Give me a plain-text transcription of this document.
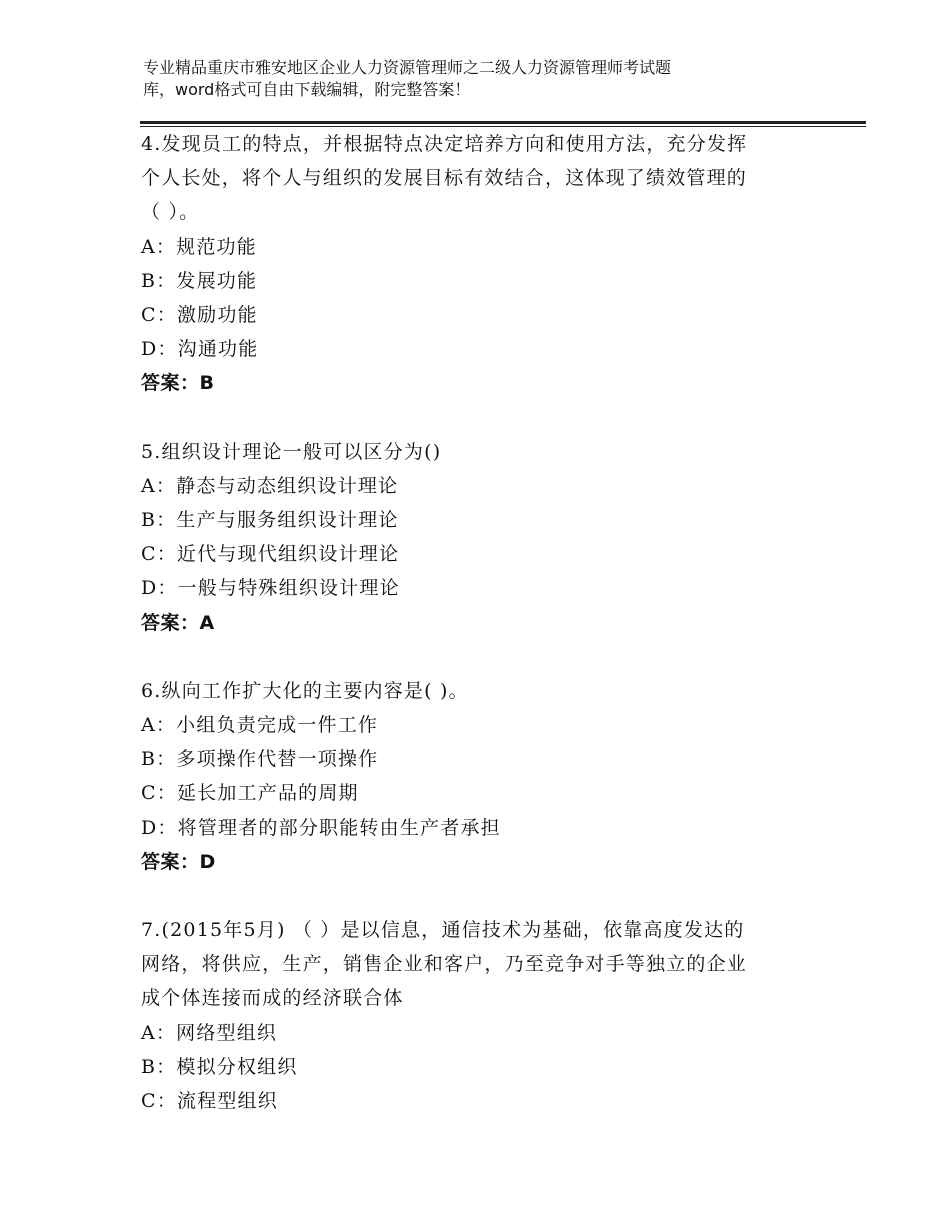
专业精品重庆市雅安地区企业人力资源管理师之二级人力资源管理师考试题
库，word格式可自由下载编辑，附完整答案！
4.发现员工的特点，并根据特点决定培养方向和使用方法，充分发挥
个人长处，将个人与组织的发展目标有效结合，这体现了绩效管理的
（ ）。
A：规范功能
B：发展功能
C：激励功能
D：沟通功能
答案：B
5.组织设计理论一般可以区分为()
A：静态与动态组织设计理论
B：生产与服务组织设计理论
C：近代与现代组织设计理论
D：一般与特殊组织设计理论
答案：A
6.纵向工作扩大化的主要内容是( )。
A：小组负责完成一件工作
B：多项操作代替一项操作
C：延长加工产品的周期
D：将管理者的部分职能转由生产者承担
答案：D
7.(2015年5月) （ ）是以信息，通信技术为基础，依靠高度发达的
网络，将供应，生产，销售企业和客户，乃至竞争对手等独立的企业
成个体连接而成的经济联合体
A：网络型组织
B：模拟分权组织
C：流程型组织
